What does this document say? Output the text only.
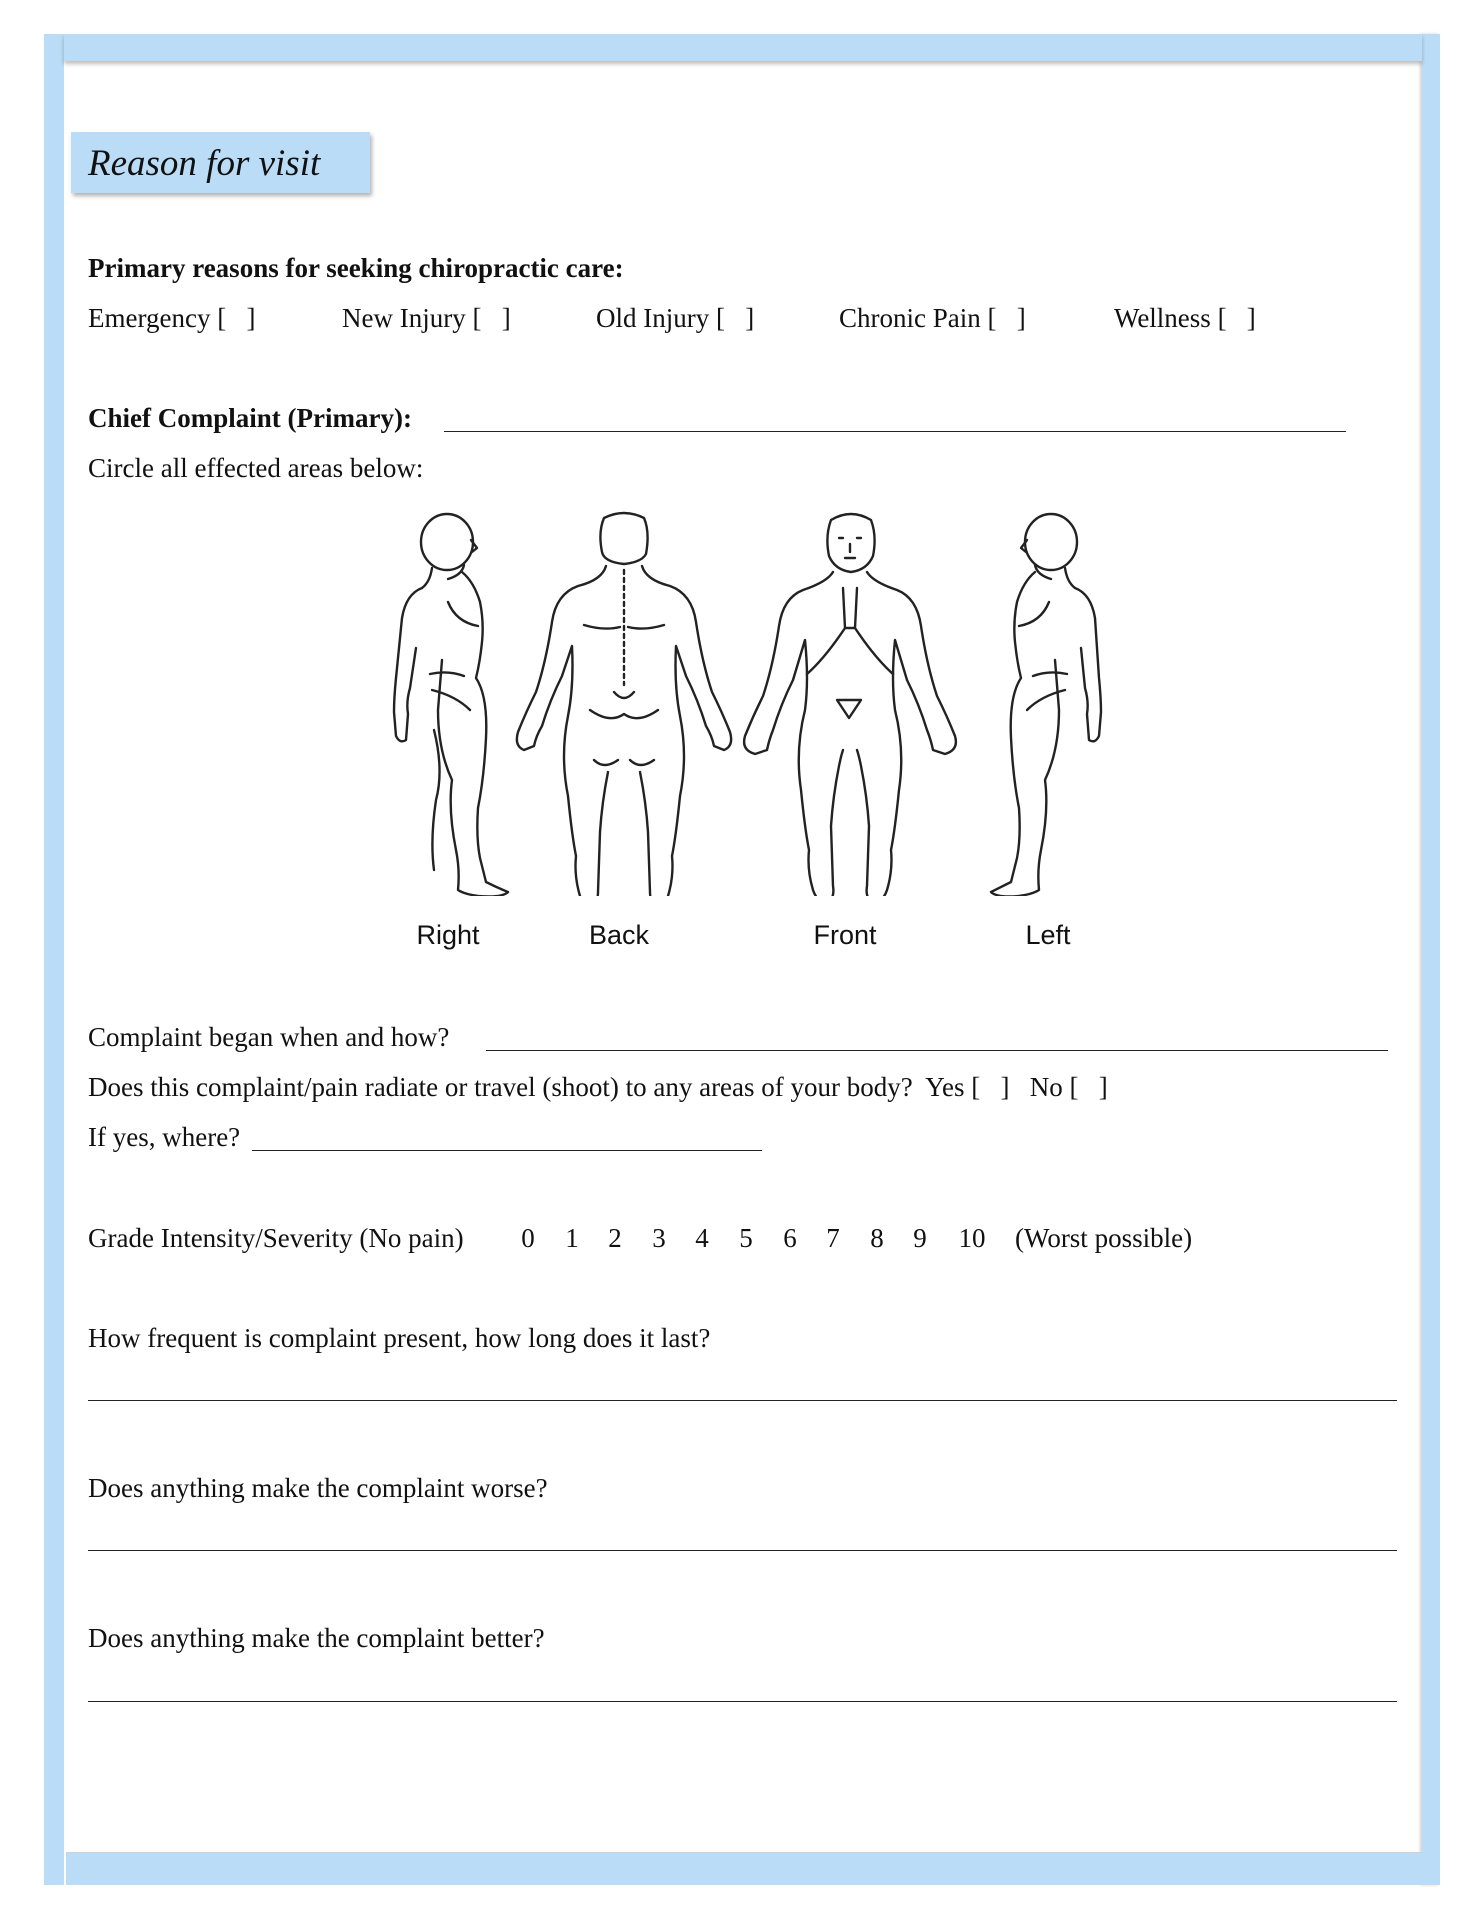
Reason for visit
Primary reasons for seeking chiropractic care:
Emergency [   ]	New Injury [   ]	Old Injury [   ]	Chronic Pain [   ]	Wellness [   ]
Chief Complaint (Primary):
Circle all effected areas below:
Right	Back	Front	Left
Complaint began when and how?
Does this complaint/pain radiate or travel (shoot) to any areas of your body? Yes [   ] No [   ]
If yes, where?
Grade Intensity/Severity (No pain) 0 1 2 3 4 5 6 7 8 9 10 (Worst possible)
How frequent is complaint present, how long does it last?
Does anything make the complaint worse?
Does anything make the complaint better?
